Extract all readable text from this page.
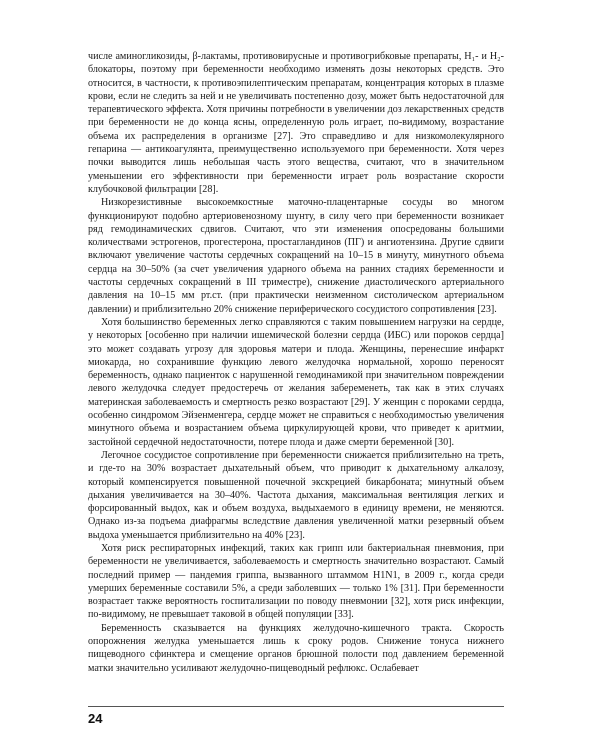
числе аминогликозиды, β-лактамы, противовирусные и противогрибковые препараты, H₁- и H₂-блокаторы, поэтому при беременности необходимо изменять дозы некоторых средств. Это относится, в частности, к противоэпилептическим препаратам, концентрация которых в плазме крови, если не следить за ней и не увеличивать постепенно дозу, может быть недостаточной для терапевтического эффекта. Хотя причины потребности в увеличении доз лекарственных средств при беременности не до конца ясны, определенную роль играет, по-видимому, возрастание объема их распределения в организме [27]. Это справедливо и для низкомолекулярного гепарина — антикоагулянта, преимущественно используемого при беременности. Хотя через почки выводится лишь небольшая часть этого вещества, считают, что в значительном уменьшении его эффективности при беременности играет роль возрастание скорости клубочковой фильтрации [28].

Низкорезистивные высокоемкостные маточно-плацентарные сосуды во многом функционируют подобно артериовенозному шунту, в силу чего при беременности возникает ряд гемодинамических сдвигов. Считают, что эти изменения опосредованы большими количествами эстрогенов, прогестерона, простагландинов (ПГ) и ангиотензина. Другие сдвиги включают увеличение частоты сердечных сокращений на 10–15 в минуту, минутного объема сердца на 30–50% (за счет увеличения ударного объема на ранних стадиях беременности и частоты сердечных сокращений в III триместре), снижение диастолического артериального давления на 10–15 мм рт.ст. (при практически неизменном систолическом артериальном давлении) и приблизительно 20% снижение периферического сосудистого сопротивления [23].

Хотя большинство беременных легко справляются с таким повышением нагрузки на сердце, у некоторых [особенно при наличии ишемической болезни сердца (ИБС) или пороков сердца] это может создавать угрозу для здоровья матери и плода. Женщины, перенесшие инфаркт миокарда, но сохранившие функцию левого желудочка нормальной, хорошо переносят беременность, однако пациенток с нарушенной гемодинамикой при значительном повреждении левого желудочка следует предостеречь от желания забеременеть, так как в этих случаях материнская заболеваемость и смертность резко возрастают [29]. У женщин с пороками сердца, особенно синдромом Эйзенменгера, сердце может не справиться с необходимостью увеличения минутного объема и возрастанием объема циркулирующей крови, что приведет к аритмии, застойной сердечной недостаточности, потере плода и даже смерти беременной [30].

Легочное сосудистое сопротивление при беременности снижается приблизительно на треть, и где-то на 30% возрастает дыхательный объем, что приводит к дыхательному алкалозу, который компенсируется повышенной почечной экскрецией бикарбоната; минутный объем дыхания увеличивается на 30–40%. Частота дыхания, максимальная вентиляция легких и форсированный выдох, как и объем воздуха, выдыхаемого в единицу времени, не меняются. Однако из-за подъема диафрагмы вследствие давления увеличенной матки резервный объем выдоха уменьшается приблизительно на 40% [23].

Хотя риск респираторных инфекций, таких как грипп или бактериальная пневмония, при беременности не увеличивается, заболеваемость и смертность значительно возрастают. Самый последний пример — пандемия гриппа, вызванного штаммом H1N1, в 2009 г., когда среди умерших беременные составили 5%, а среди заболевших — только 1% [31]. При беременности возрастает также вероятность госпитализации по поводу пневмонии [32], хотя риск инфекции, по-видимому, не превышает таковой в общей популяции [33].

Беременность сказывается на функциях желудочно-кишечного тракта. Скорость опорожнения желудка уменьшается лишь к сроку родов. Снижение тонуса нижнего пищеводного сфинктера и смещение органов брюшной полости под давлением беременной матки значительно усиливают желудочно-пищеводный рефлюкс. Ослабевает

24
